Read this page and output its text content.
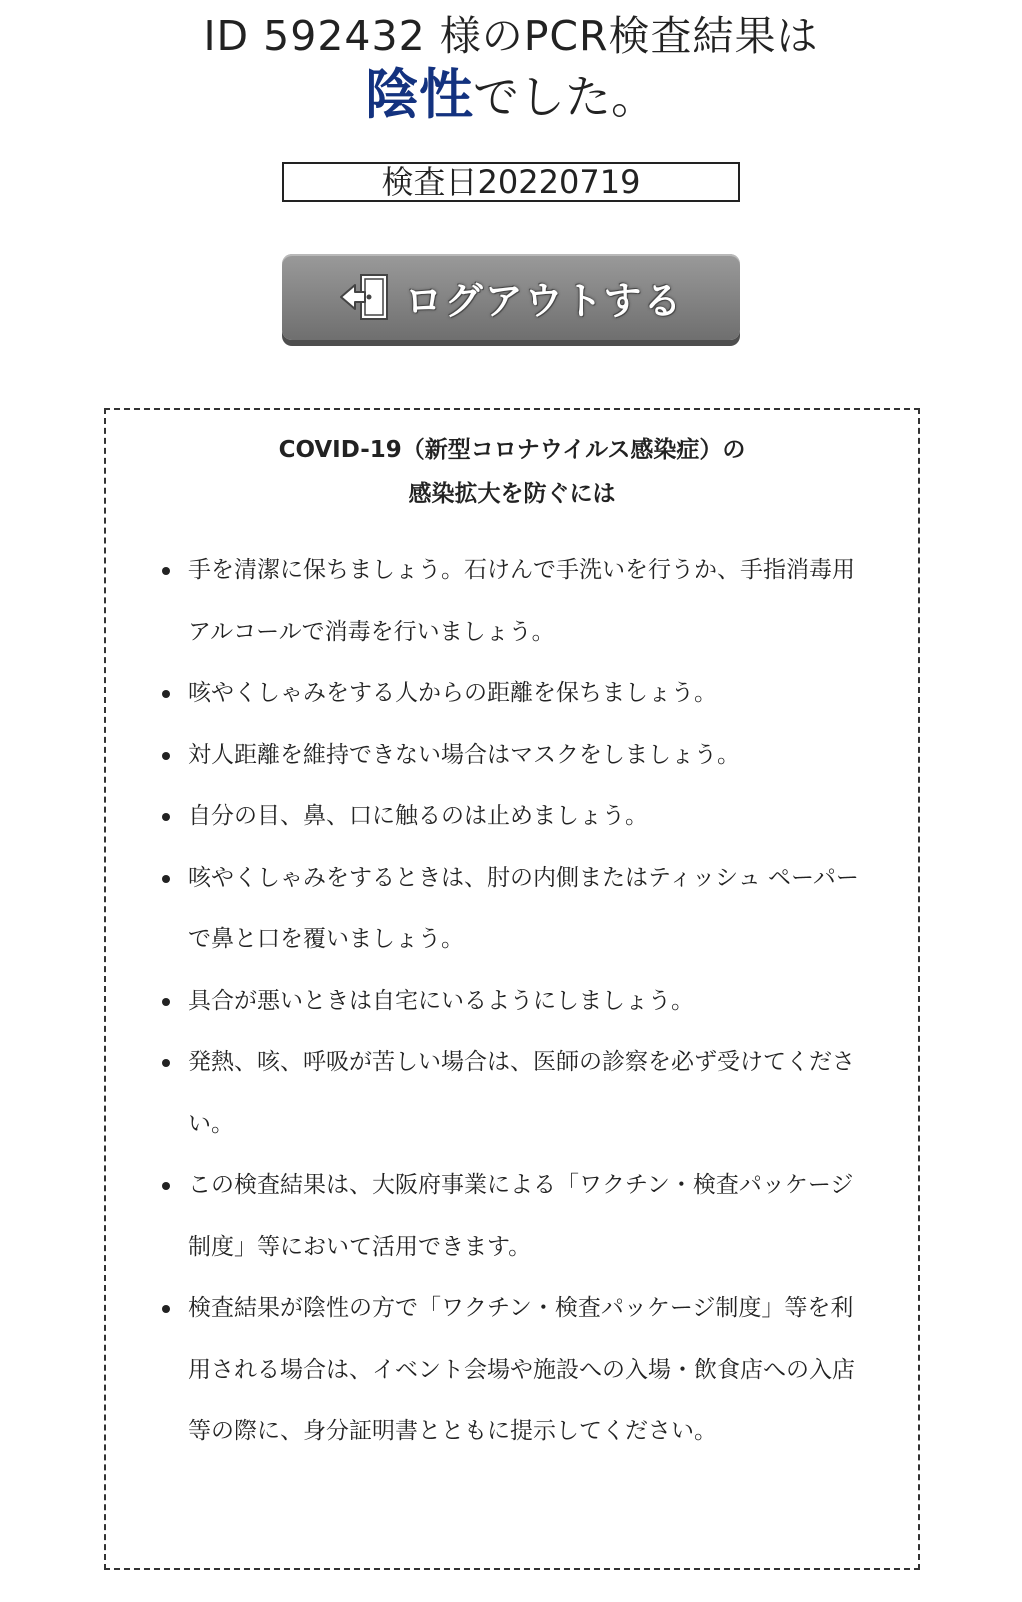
ID 592432 様のPCR検査結果は
陰性でした。
検査日20220719
ログアウトする
COVID-19（新型コロナウイルス感染症）の
感染拡大を防ぐには
手を清潔に保ちましょう。石けんで手洗いを行うか、手指消毒用アルコールで消毒を行いましょう。
咳やくしゃみをする人からの距離を保ちましょう。
対人距離を維持できない場合はマスクをしましょう。
自分の目、鼻、口に触るのは止めましょう。
咳やくしゃみをするときは、肘の内側またはティッシュ ペーパーで鼻と口を覆いましょう。
具合が悪いときは自宅にいるようにしましょう。
発熱、咳、呼吸が苦しい場合は、医師の診察を必ず受けてください。
この検査結果は、大阪府事業による「ワクチン・検査パッケージ制度」等において活用できます。
検査結果が陰性の方で「ワクチン・検査パッケージ制度」等を利用される場合は、イベント会場や施設への入場・飲食店への入店等の際に、身分証明書とともに提示してください。
